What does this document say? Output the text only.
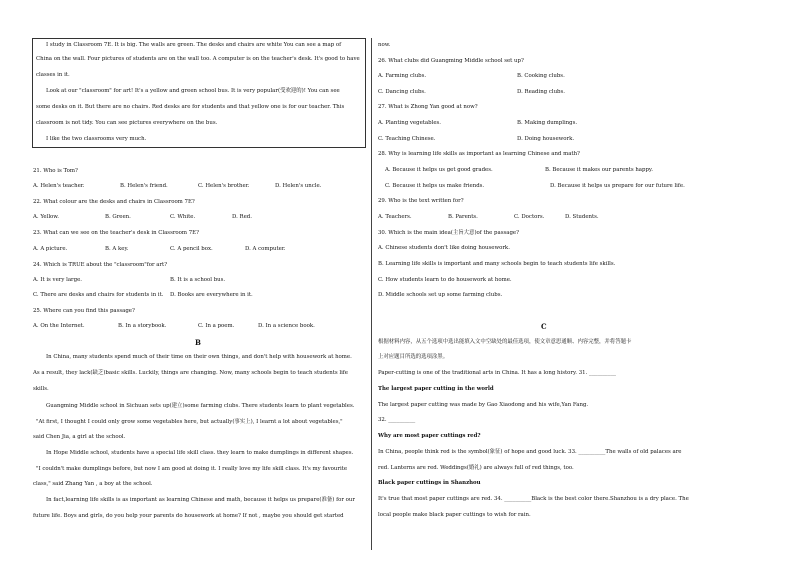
I study in Classroom 7E. It is big. The walls are green. The desks and chairs are white You can see a map of
China on the wall. Four pictures of students are on the wall too. A computer is on the teacher's desk. It's good to have
classes in it.
Look at our "classroom" for art! It's a yellow and green school bus. It is very popular(受欢迎的)! You can see
some desks on it. But there are no chairs. Red desks are for students and that yellow one is for our teacher. This
classroom is not tidy. You can see pictures everywhere on the bus.
I like the two classrooms very much.
21. Who is Tom?
A. Helen's teacher.	B. Helen's friend.	C. Helen's brother.	D. Helen's uncle.
22. What colour are the desks and chairs in Classroom 7E?
A. Yellow.	B. Green.	C. White.	D. Red.
23. What can we see on the teacher's desk in Classroom 7E?
A. A picture.	B. A key.	C. A pencil box.	D. A computer.
24. Which is TRUE about the "classroom"for art?
A. It is very large.	B. It is a school bus.
C. There are desks and chairs for students in it. D. Books are everywhere in it.
25. Where can you find this passage?
A. On the Internet.	B. In a storybook.	C. In a poem.	D. In a science book.
B
In China, many students spend much of their time on their own things, and don't help with housework at home.
As a result, they lack(缺乏)basic skills. Luckily, things are changing. Now, many schools begin to teach students life
skills.
Guangming Middle school in Sichuan sets up(建立)some farming clubs. There students learn to plant vegetables.
"At first, I thought I could only grow some vegetables here, but actually(事实上), I learnt a lot about vegetables,"
said Chen Jia, a girl at the school.
In Hope Middle school, students have a special life skill class. they learn to make dumplings in different shapes.
"I couldn't make dumplings before, but now I am good at doing it. I really love my life skill class. It's my favourite
class," said Zhang Yan , a boy at the school.
In fact,learning life skills is as important as learning Chinese and math, because it helps us prepare(准备) for our
future life. Boys and girls, do you help your parents do housework at home? If not , maybe you should get started
now.
26. What clubs did Guangming Middle school set up?
A. Farming clubs.	B. Cooking clubs.
C. Dancing clubs.	D. Reading clubs.
27. What is Zhong Yan good at now?
A. Planting vegetables.	B. Making dumplings.
C. Teaching Chinese.	D. Doing housework.
28. Why is learning life skills as important as learning Chinese and math?
A. Because it helps us get good grades.	B. Because it makes our parents happy.
C. Because it helps us make friends.	D. Because it helps us prepare for our future life.
29. Who is the text written for?
A. Teachers.	B. Parents.	C. Doctors.	D. Students.
30. Which is the main idea(主旨大意)of the passage?
A. Chinese students don't like doing housework.
B. Learning life skills is important and many schools begin to teach students life skills.
C. How students learn to do housework at home.
D. Middle schools set up some farming clubs.
C
根据材料内容，从五个选项中选出能填入文中空缺处的最佳选项，使文章意思通顺、内容完整，并将答题卡
上对应题目所选的选项涂黑。
Paper-cutting is one of the traditional arts in China. It has a long history. 31. __________
The largest paper cutting in the world
The largest paper cutting was made by Gao Xiaodong and his wife,Yan Fang.
32. __________
Why are most paper cuttings red?
In China, people think red is the symbol(象征) of hope and good luck. 33. __________The walls of old palaces are
red. Lanterns are red. Weddings(婚礼) are always full of red things, too.
Black paper cuttings in Shanzhou
It's true that most paper cuttings are red. 34. __________Black is the best color there.Shanzhou is a dry place. The
local people make black paper cuttings to wish for rain.
